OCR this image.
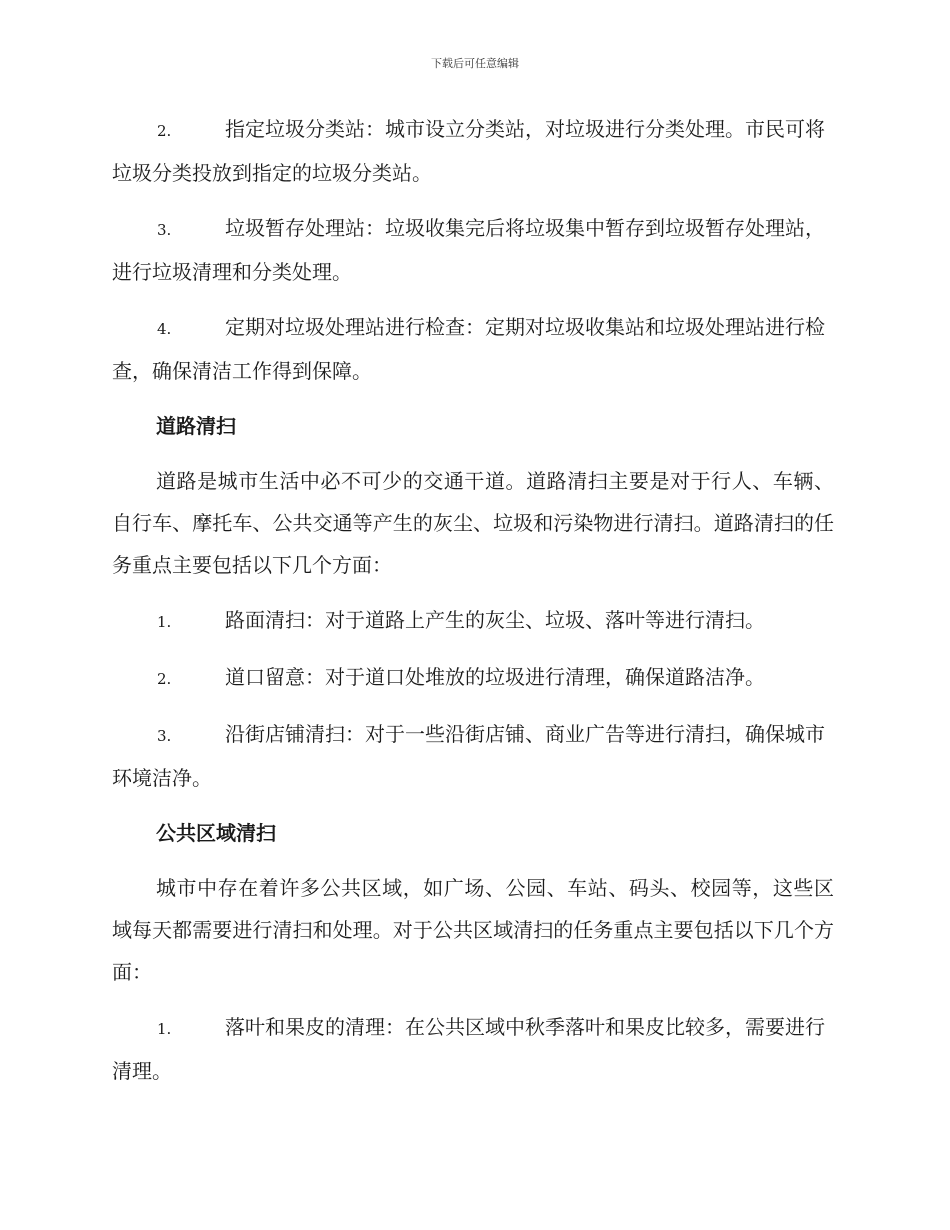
下载后可任意编辑

2.	指定垃圾分类站：城市设立分类站，对垃圾进行分类处理。市民可将垃圾分类投放到指定的垃圾分类站。

3.	垃圾暂存处理站：垃圾收集完后将垃圾集中暂存到垃圾暂存处理站，进行垃圾清理和分类处理。

4.	定期对垃圾处理站进行检查：定期对垃圾收集站和垃圾处理站进行检查，确保清洁工作得到保障。

道路清扫

道路是城市生活中必不可少的交通干道。道路清扫主要是对于行人、车辆、自行车、摩托车、公共交通等产生的灰尘、垃圾和污染物进行清扫。道路清扫的任务重点主要包括以下几个方面：

1.	路面清扫：对于道路上产生的灰尘、垃圾、落叶等进行清扫。

2.	道口留意：对于道口处堆放的垃圾进行清理，确保道路洁净。

3.	沿街店铺清扫：对于一些沿街店铺、商业广告等进行清扫，确保城市环境洁净。

公共区域清扫

城市中存在着许多公共区域，如广场、公园、车站、码头、校园等，这些区域每天都需要进行清扫和处理。对于公共区域清扫的任务重点主要包括以下几个方面：

1.	落叶和果皮的清理：在公共区域中秋季落叶和果皮比较多，需要进行清理。
